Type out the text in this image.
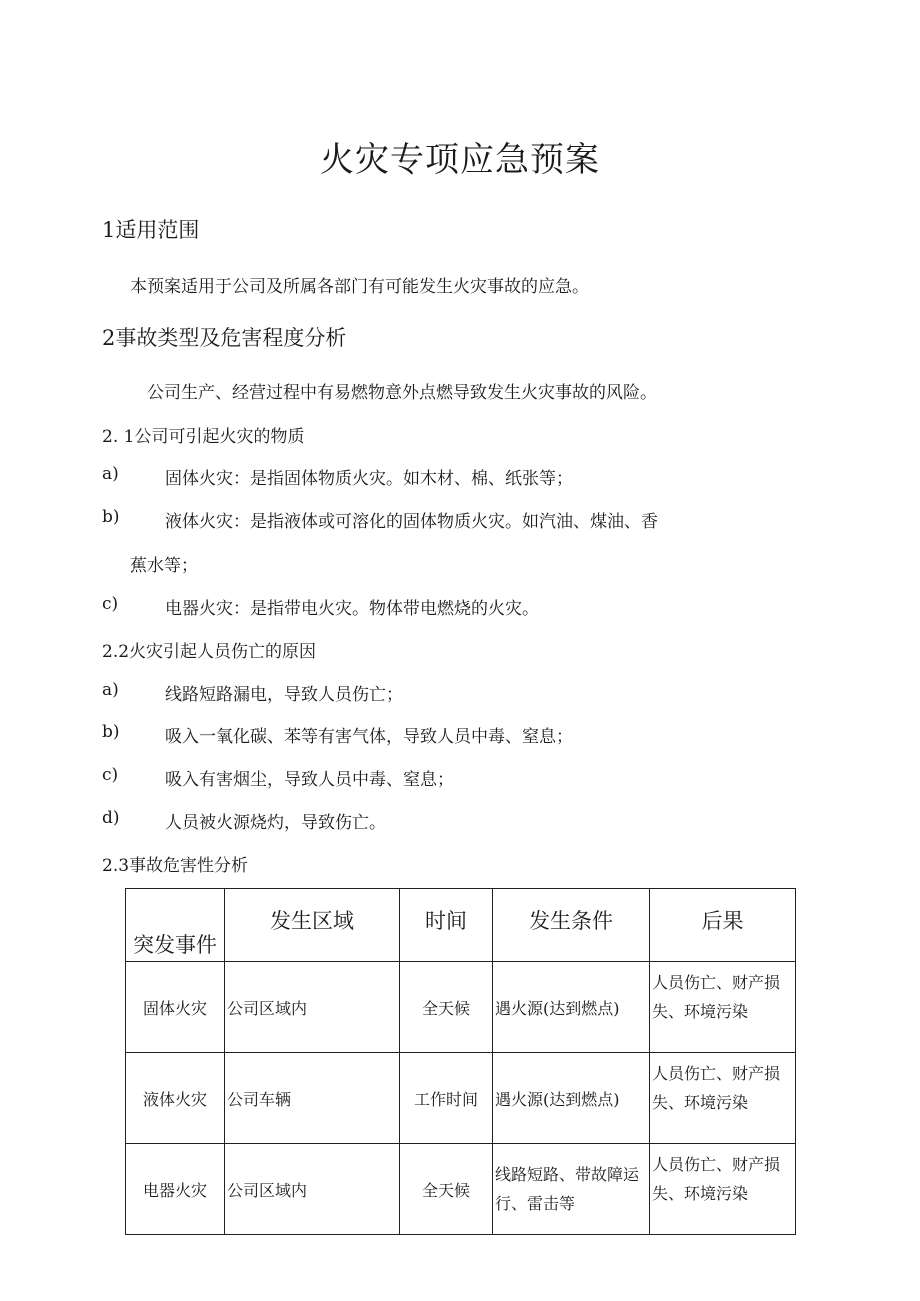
火灾专项应急预案
1适用范围
本预案适用于公司及所属各部门有可能发生火灾事故的应急。
2事故类型及危害程度分析
公司生产、经营过程中有易燃物意外点燃导致发生火灾事故的风险。
2. 1公司可引起火灾的物质
a)	固体火灾：是指固体物质火灾。如木材、棉、纸张等；
b)	液体火灾：是指液体或可溶化的固体物质火灾。如汽油、煤油、香
蕉水等；
c)	电器火灾：是指带电火灾。物体带电燃烧的火灾。
2.2火灾引起人员伤亡的原因
a)	线路短路漏电，导致人员伤亡；
b)	吸入一氧化碳、苯等有害气体，导致人员中毒、窒息；
c)	吸入有害烟尘，导致人员中毒、窒息；
d)	人员被火源烧灼，导致伤亡。
2.3事故危害性分析
突发事件	发生区域	时间	发生条件	后果
固体火灾	公司区域内	全天候	遇火源(达到燃点)	人员伤亡、财产损失、环境污染
液体火灾	公司车辆	工作时间	遇火源(达到燃点)	人员伤亡、财产损失、环境污染
电器火灾	公司区域内	全天候	线路短路、带故障运行、雷击等	人员伤亡、财产损失、环境污染
